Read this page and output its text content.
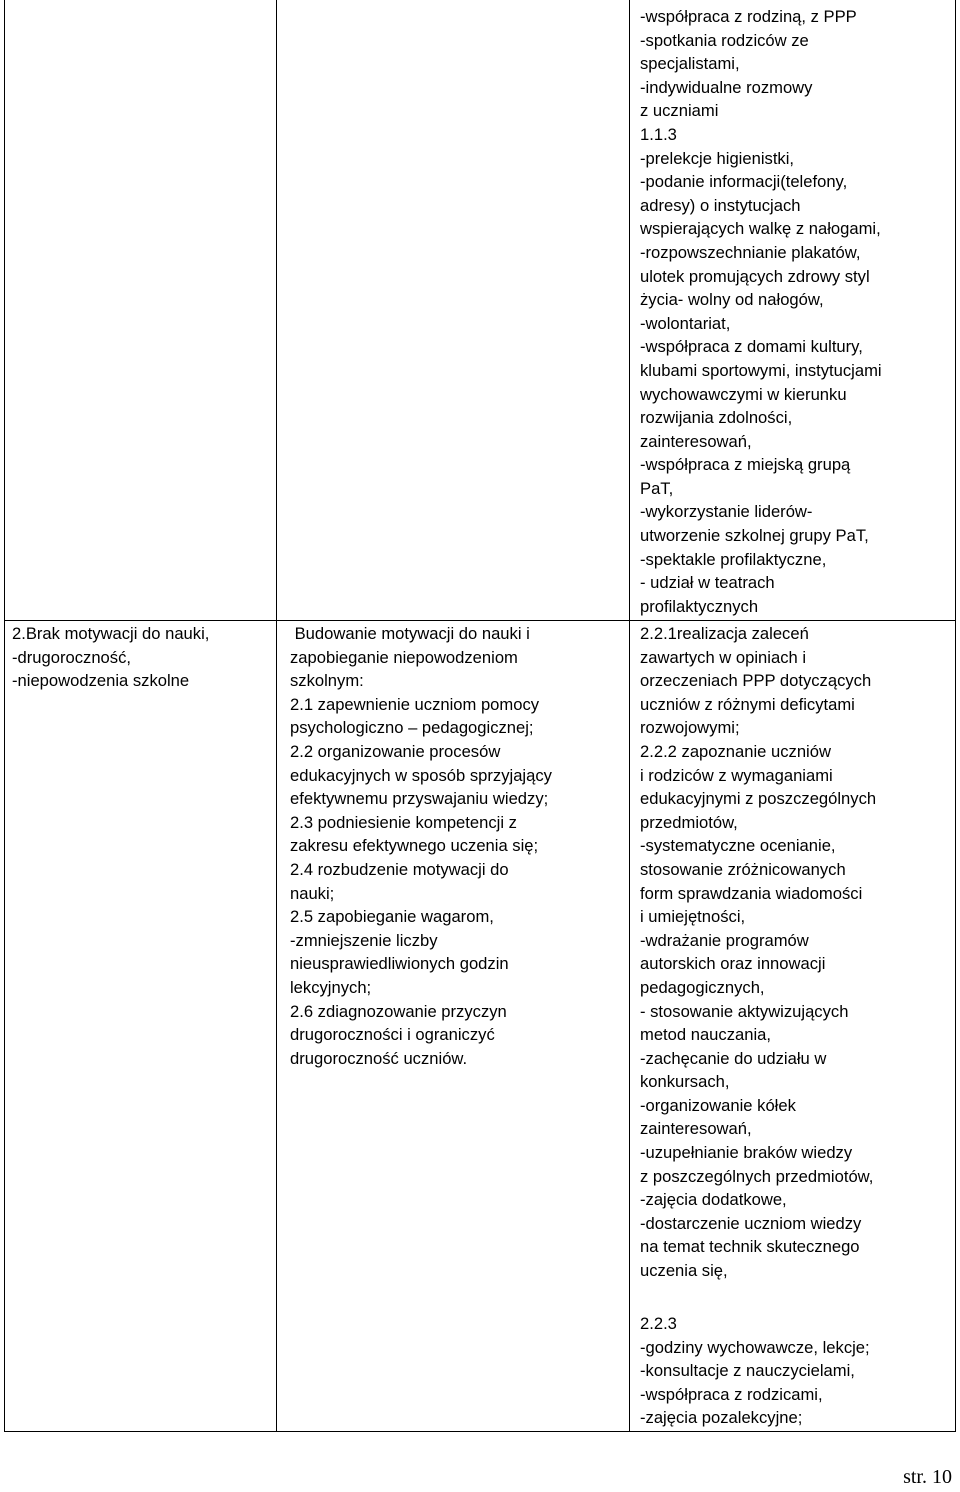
-współpraca z rodziną, z PPP
-spotkania rodziców ze
specjalistami,
-indywidualne rozmowy
z uczniami
1.1.3
-prelekcje higienistki,
-podanie informacji(telefony,
adresy) o instytucjach
wspierających walkę z nałogami,
-rozpowszechnianie plakatów,
ulotek promujących zdrowy styl
życia- wolny od nałogów,
-wolontariat,
-współpraca z domami kultury,
klubami sportowymi, instytucjami
wychowawczymi w kierunku
rozwijania zdolności,
zainteresowań,
-współpraca z miejską grupą
PaT,
-wykorzystanie liderów-
utworzenie szkolnej grupy PaT,
-spektakle profilaktyczne,
- udział w teatrach
profilaktycznych
2.Brak motywacji do nauki,
-drugoroczność,
-niepowodzenia szkolne
Budowanie motywacji do nauki i
zapobieganie niepowodzeniom
szkolnym:
2.1 zapewnienie uczniom pomocy
psychologiczno – pedagogicznej;
2.2 organizowanie procesów
edukacyjnych w sposób sprzyjający
efektywnemu przyswajaniu wiedzy;
2.3 podniesienie kompetencji z
zakresu efektywnego uczenia się;
2.4 rozbudzenie motywacji do
nauki;
2.5 zapobieganie wagarom,
-zmniejszenie liczby
nieusprawiedliwionych godzin
lekcyjnych;
2.6 zdiagnozowanie przyczyn
drugoroczności i ograniczyć
drugoroczność uczniów.
2.2.1realizacja zaleceń
zawartych w opiniach i
orzeczeniach PPP dotyczących
uczniów z różnymi deficytami
rozwojowymi;
2.2.2 zapoznanie uczniów
i rodziców z wymaganiami
edukacyjnymi z poszczególnych
przedmiotów,
-systematyczne ocenianie,
stosowanie zróżnicowanych
form sprawdzania wiadomości
i umiejętności,
-wdrażanie programów
autorskich oraz innowacji
pedagogicznych,
- stosowanie aktywizujących
metod nauczania,
-zachęcanie do udziału w
konkursach,
-organizowanie kółek
zainteresowań,
-uzupełnianie braków wiedzy
z poszczególnych przedmiotów,
-zajęcia dodatkowe,
-dostarczenie uczniom wiedzy
na temat technik skutecznego
uczenia się,
2.2.3
-godziny wychowawcze, lekcje;
-konsultacje z nauczycielami,
-współpraca z rodzicami,
-zajęcia pozalekcyjne;
str. 10
